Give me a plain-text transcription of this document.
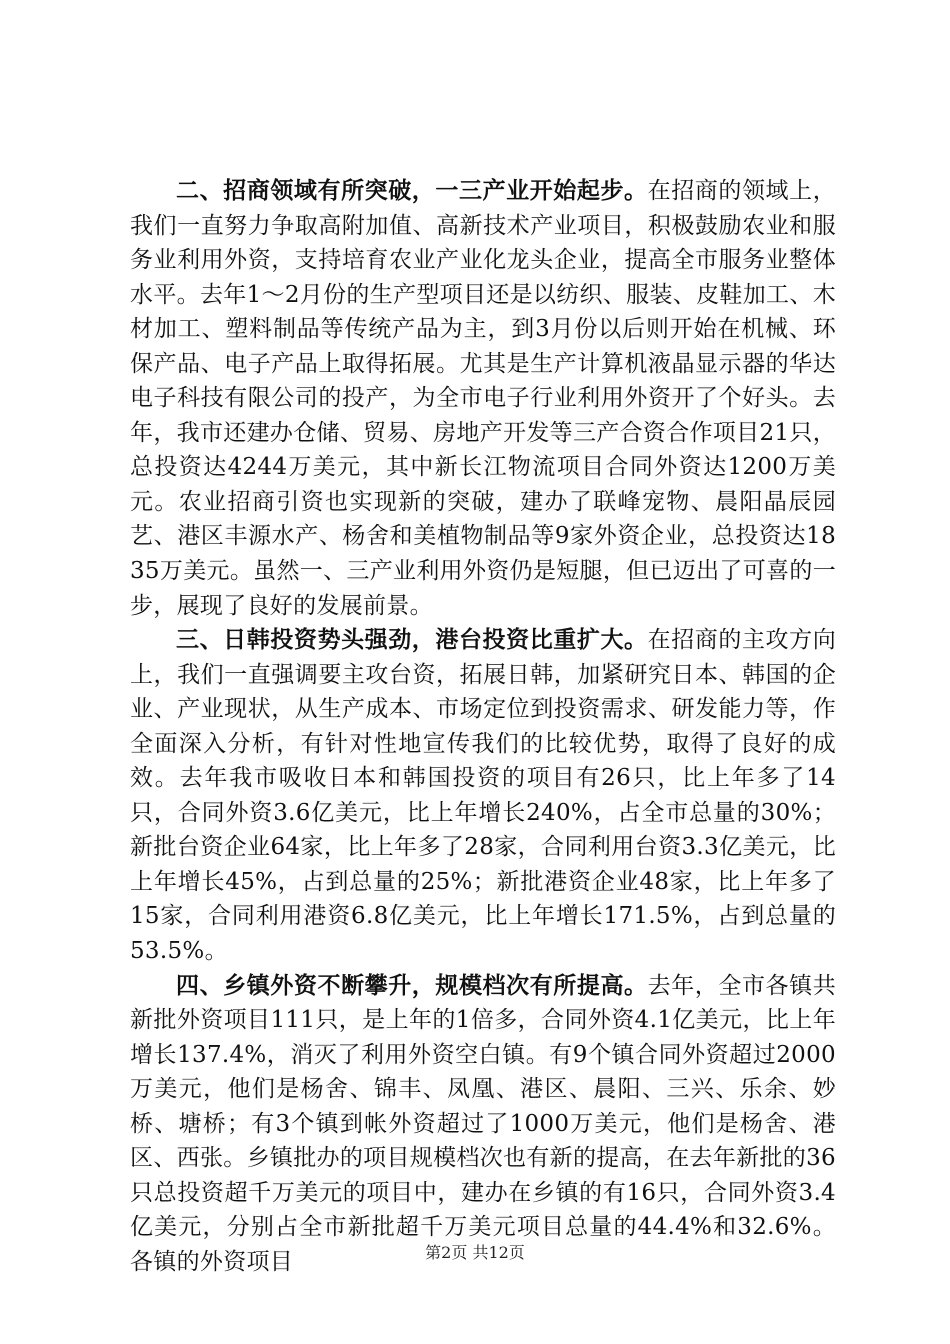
二、招商领域有所突破，一三产业开始起步。在招商的领域上，我们一直努力争取高附加值、高新技术产业项目，积极鼓励农业和服务业利用外资，支持培育农业产业化龙头企业，提高全市服务业整体水平。去年1～2月份的生产型项目还是以纺织、服装、皮鞋加工、木材加工、塑料制品等传统产品为主，到3月份以后则开始在机械、环保产品、电子产品上取得拓展。尤其是生产计算机液晶显示器的华达电子科技有限公司的投产，为全市电子行业利用外资开了个好头。去年，我市还建办仓储、贸易、房地产开发等三产合资合作项目21只，总投资达4244万美元，其中新长江物流项目合同外资达1200万美元。农业招商引资也实现新的突破，建办了联峰宠物、晨阳晶辰园艺、港区丰源水产、杨舍和美植物制品等9家外资企业，总投资达1835万美元。虽然一、三产业利用外资仍是短腿，但已迈出了可喜的一步，展现了良好的发展前景。

三、日韩投资势头强劲，港台投资比重扩大。在招商的主攻方向上，我们一直强调要主攻台资，拓展日韩，加紧研究日本、韩国的企业、产业现状，从生产成本、市场定位到投资需求、研发能力等，作全面深入分析，有针对性地宣传我们的比较优势，取得了良好的成效。去年我市吸收日本和韩国投资的项目有26只，比上年多了14只，合同外资3.6亿美元，比上年增长240%，占全市总量的30%；新批台资企业64家，比上年多了28家，合同利用台资3.3亿美元，比上年增长45%，占到总量的25%；新批港资企业48家，比上年多了15家，合同利用港资6.8亿美元，比上年增长171.5%，占到总量的53.5%。

四、乡镇外资不断攀升，规模档次有所提高。去年，全市各镇共新批外资项目111只，是上年的1倍多，合同外资4.1亿美元，比上年增长137.4%，消灭了利用外资空白镇。有9个镇合同外资超过2000万美元，他们是杨舍、锦丰、凤凰、港区、晨阳、三兴、乐余、妙桥、塘桥；有3个镇到帐外资超过了1000万美元，他们是杨舍、港区、西张。乡镇批办的项目规模档次也有新的提高，在去年新批的36只总投资超千万美元的项目中，建办在乡镇的有16只，合同外资3.4亿美元，分别占全市新批超千万美元项目总量的44.4%和32.6%。各镇的外资项目	第2页 共12页
